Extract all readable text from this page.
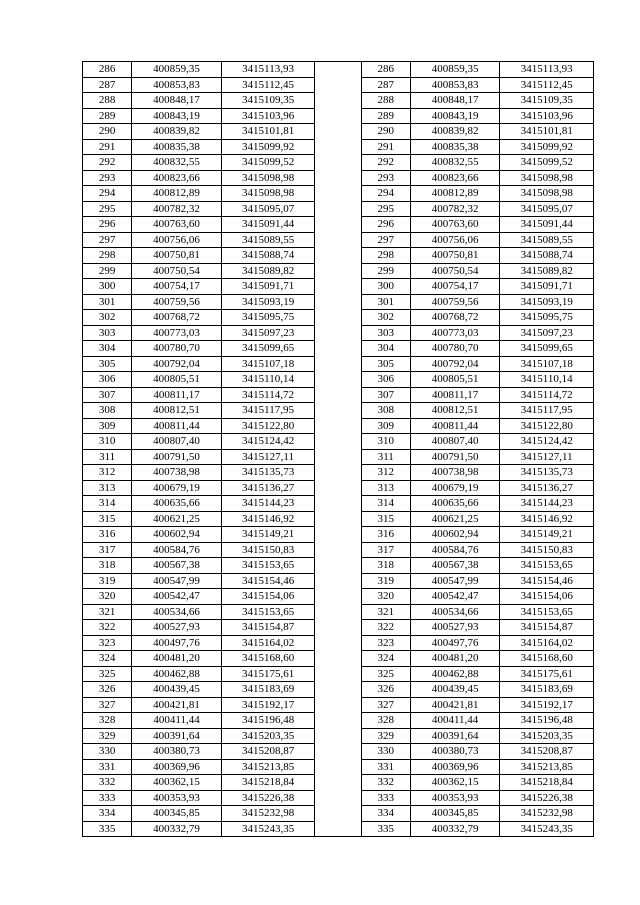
286	400859,35	3415113,93		286	400859,35	3415113,93
287	400853,83	3415112,45		287	400853,83	3415112,45
288	400848,17	3415109,35		288	400848,17	3415109,35
289	400843,19	3415103,96		289	400843,19	3415103,96
290	400839,82	3415101,81		290	400839,82	3415101,81
291	400835,38	3415099,92		291	400835,38	3415099,92
292	400832,55	3415099,52		292	400832,55	3415099,52
293	400823,66	3415098,98		293	400823,66	3415098,98
294	400812,89	3415098,98		294	400812,89	3415098,98
295	400782,32	3415095,07		295	400782,32	3415095,07
296	400763,60	3415091,44		296	400763,60	3415091,44
297	400756,06	3415089,55		297	400756,06	3415089,55
298	400750,81	3415088,74		298	400750,81	3415088,74
299	400750,54	3415089,82		299	400750,54	3415089,82
300	400754,17	3415091,71		300	400754,17	3415091,71
301	400759,56	3415093,19		301	400759,56	3415093,19
302	400768,72	3415095,75		302	400768,72	3415095,75
303	400773,03	3415097,23		303	400773,03	3415097,23
304	400780,70	3415099,65		304	400780,70	3415099,65
305	400792,04	3415107,18		305	400792,04	3415107,18
306	400805,51	3415110,14		306	400805,51	3415110,14
307	400811,17	3415114,72		307	400811,17	3415114,72
308	400812,51	3415117,95		308	400812,51	3415117,95
309	400811,44	3415122,80		309	400811,44	3415122,80
310	400807,40	3415124,42		310	400807,40	3415124,42
311	400791,50	3415127,11		311	400791,50	3415127,11
312	400738,98	3415135,73		312	400738,98	3415135,73
313	400679,19	3415136,27		313	400679,19	3415136,27
314	400635,66	3415144,23		314	400635,66	3415144,23
315	400621,25	3415146,92		315	400621,25	3415146,92
316	400602,94	3415149,21		316	400602,94	3415149,21
317	400584,76	3415150,83		317	400584,76	3415150,83
318	400567,38	3415153,65		318	400567,38	3415153,65
319	400547,99	3415154,46		319	400547,99	3415154,46
320	400542,47	3415154,06		320	400542,47	3415154,06
321	400534,66	3415153,65		321	400534,66	3415153,65
322	400527,93	3415154,87		322	400527,93	3415154,87
323	400497,76	3415164,02		323	400497,76	3415164,02
324	400481,20	3415168,60		324	400481,20	3415168,60
325	400462,88	3415175,61		325	400462,88	3415175,61
326	400439,45	3415183,69		326	400439,45	3415183,69
327	400421,81	3415192,17		327	400421,81	3415192,17
328	400411,44	3415196,48		328	400411,44	3415196,48
329	400391,64	3415203,35		329	400391,64	3415203,35
330	400380,73	3415208,87		330	400380,73	3415208,87
331	400369,96	3415213,85		331	400369,96	3415213,85
332	400362,15	3415218,84		332	400362,15	3415218,84
333	400353,93	3415226,38		333	400353,93	3415226,38
334	400345,85	3415232,98		334	400345,85	3415232,98
335	400332,79	3415243,35		335	400332,79	3415243,35
